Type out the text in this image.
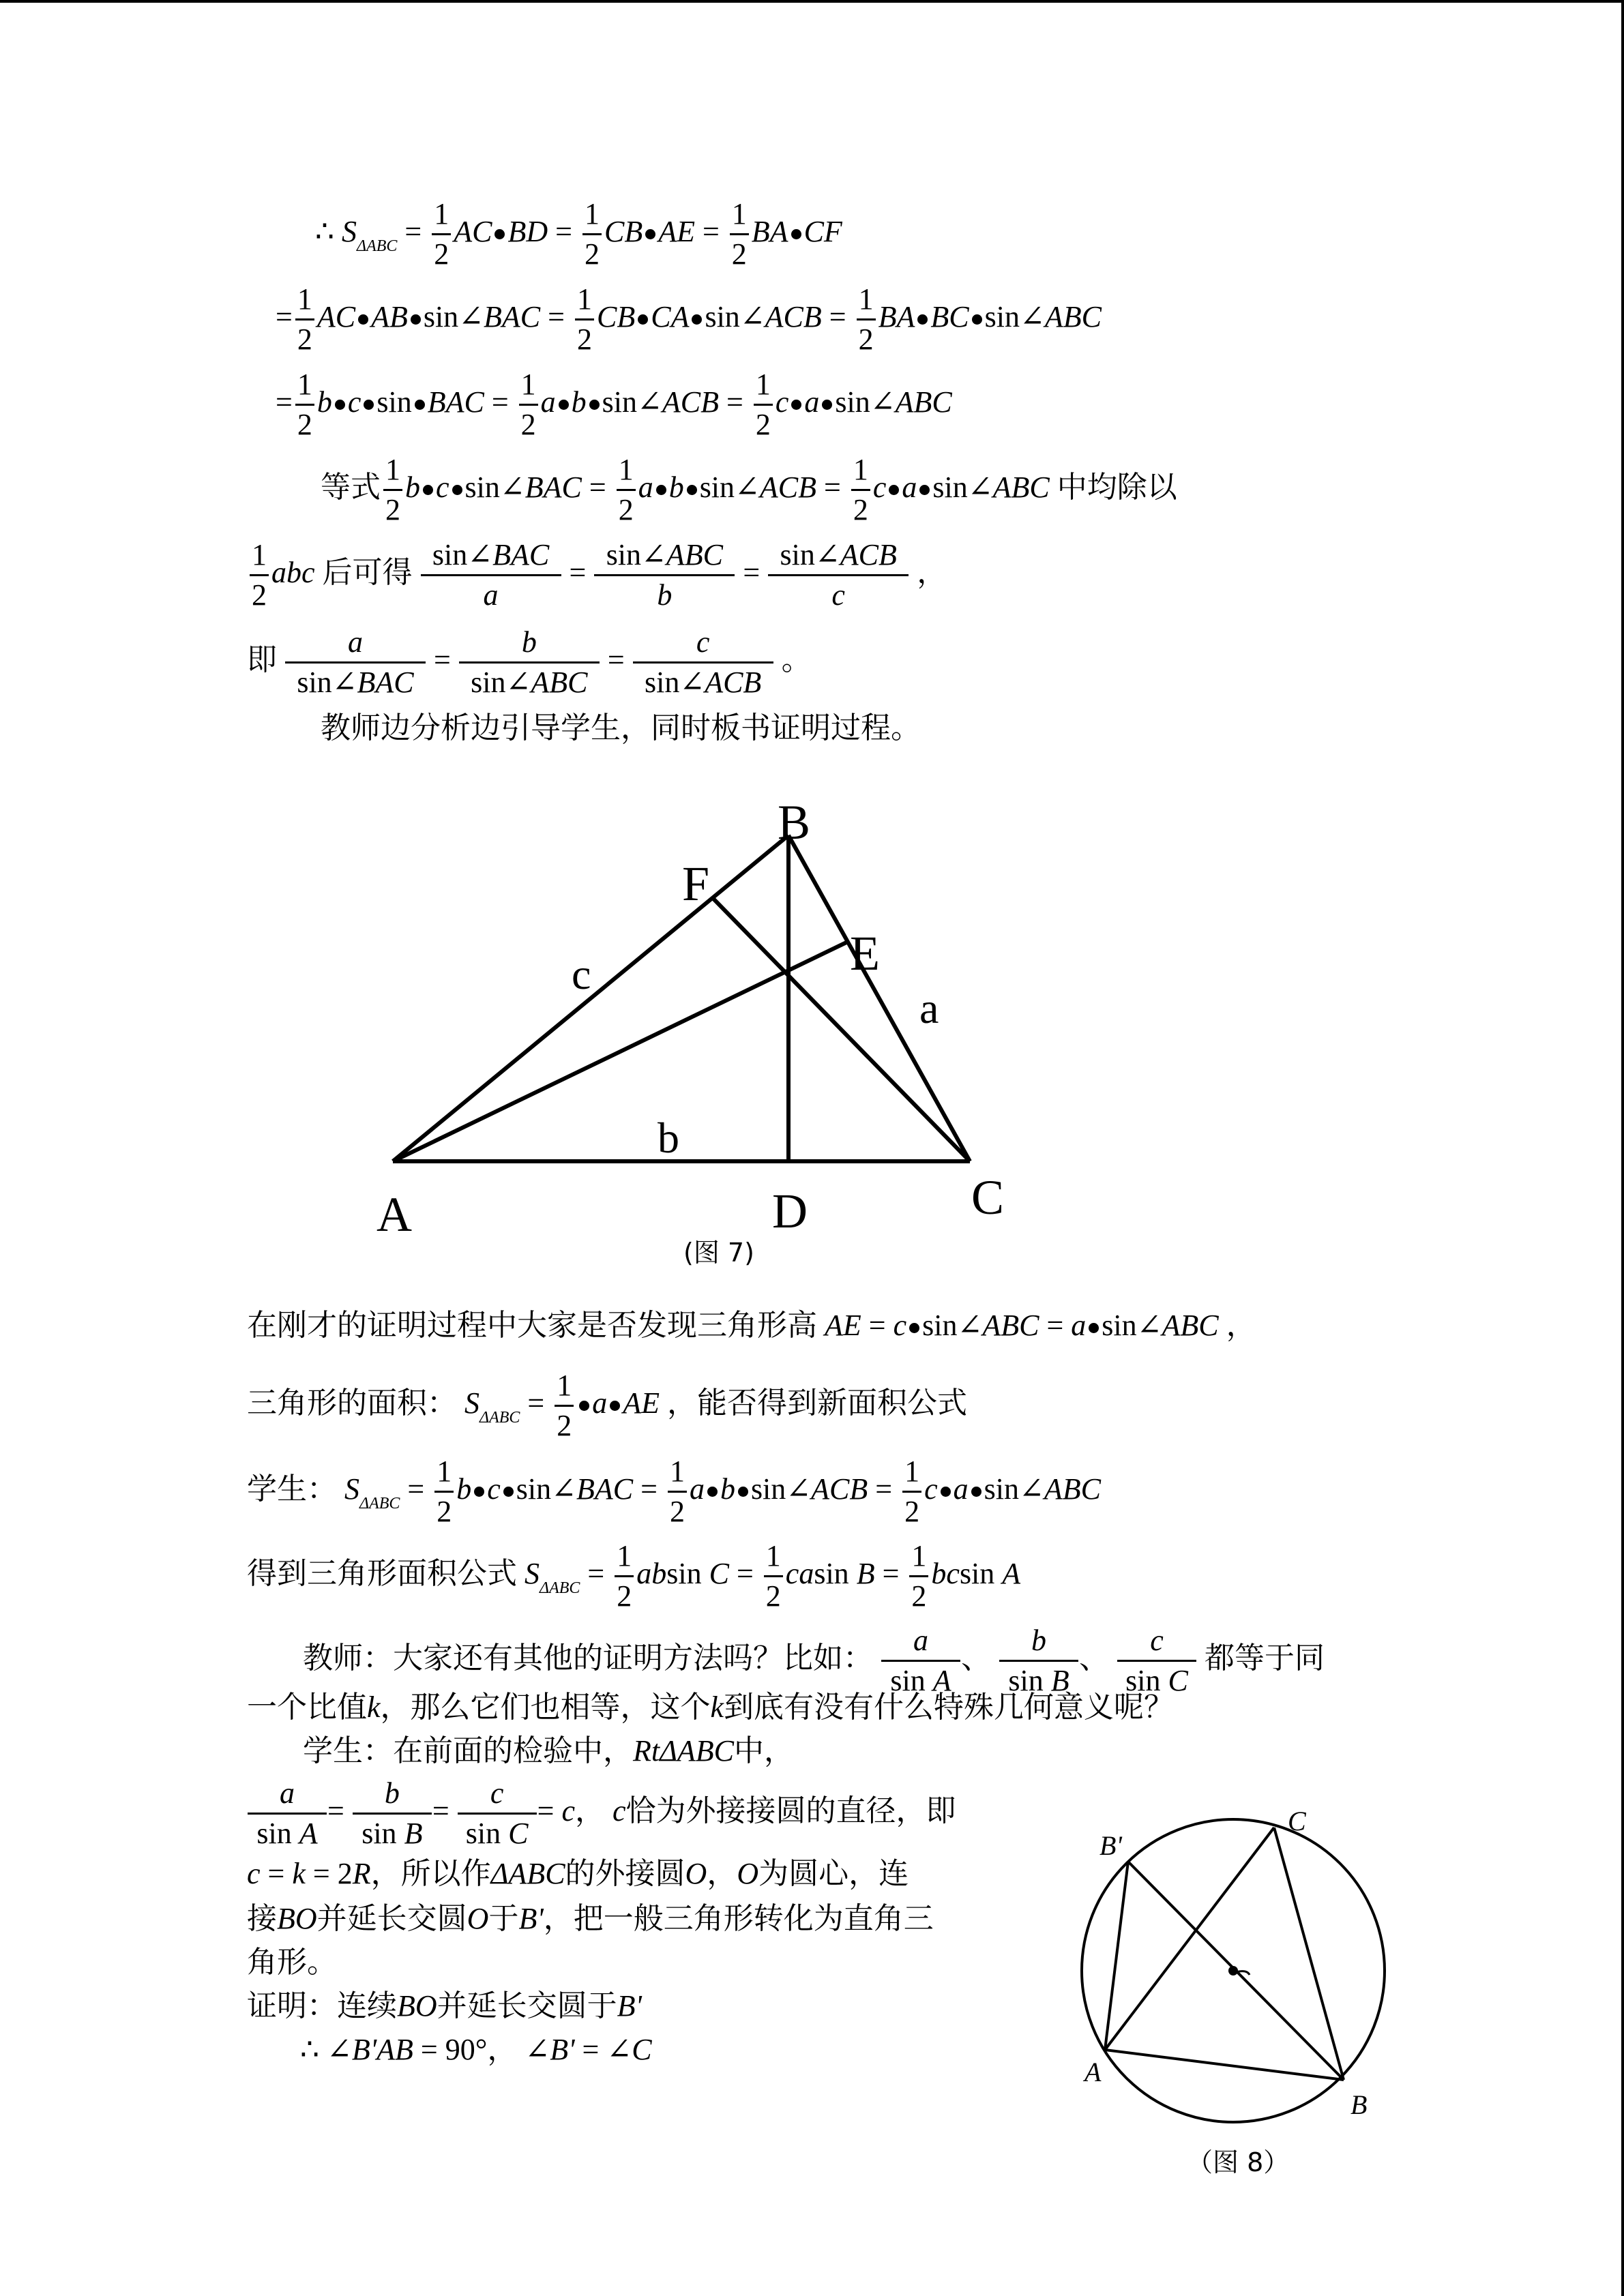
∴ $S_{\Delta ABC} = \frac{1}{2}$ AC BD = $\frac{1}{2}$ CB AE = $\frac{1}{2}$ BA CF
= $\frac{1}{2}$ AC AB sin∠BAC = $\frac{1}{2}$ CB CA sin∠ACB = $\frac{1}{2}$ BA BC sin∠ABC
= $\frac{1}{2}$ b c sin BAC = $\frac{1}{2}$ a b sin∠ACB = $\frac{1}{2}$ c a sin∠ABC
等式 $\frac{1}{2}$ b c sin∠BAC = $\frac{1}{2}$ a b sin∠ACB = $\frac{1}{2}$ c a sin∠ABC 中均除以
$\frac{1}{2}$ abc 后可得 $\frac{\text{sin∠BAC}}{a} = \frac{\text{sin∠ABC}}{b} = \frac{\text{sin∠ACB}}{c}$ ，
即 $\frac{a}{\text{sin∠BAC}} = \frac{b}{\text{sin∠ABC}} = \frac{c}{\text{sin∠ACB}}$ 。
教师边分析边引导学生，同时板书证明过程。
B
F
E
A	D	C
c
a
b
(图 7)
在刚才的证明过程中大家是否发现三角形高 AE = c sin∠ABC = a sin∠ABC ，
三角形的面积： $S_{\Delta ABC} = \frac{1}{2}$ a AE ，能否得到新面积公式
学生： $S_{\Delta ABC} = \frac{1}{2}$ b c sin∠BAC = $\frac{1}{2}$ a b sin∠ACB = $\frac{1}{2}$ c a sin∠ABC
得到三角形面积公式 $S_{\Delta ABC} = \frac{1}{2}$ absin $C = \frac{1}{2}$ casin $B = \frac{1}{2}$ bcsin A
教师：大家还有其他的证明方法吗？比如： $\frac{a}{\text{sin A}}$ 、 $\frac{b}{\text{sin B}}$ 、 $\frac{c}{\text{sin C}}$ 都等于同
一个比值k，那么它们也相等，这个k到底有没有什么特殊几何意义呢？
学生：在前面的检验中，RtΔABC中，
$\frac{a}{\text{sin A}} = \frac{b}{\text{sin B}} = \frac{c}{\text{sin C}} = c$， c恰为外接接圆的直径，即
c = k = 2R，所以作ΔABC的外接圆O，O为圆心，连
接BO并延长交圆O于B'，把一般三角形转化为直角三
角形。
证明：连续BO并延长交圆于B'
∴ ∠B'AB = 90°， ∠B' = ∠C
B'
C
A
B
（图 8）
